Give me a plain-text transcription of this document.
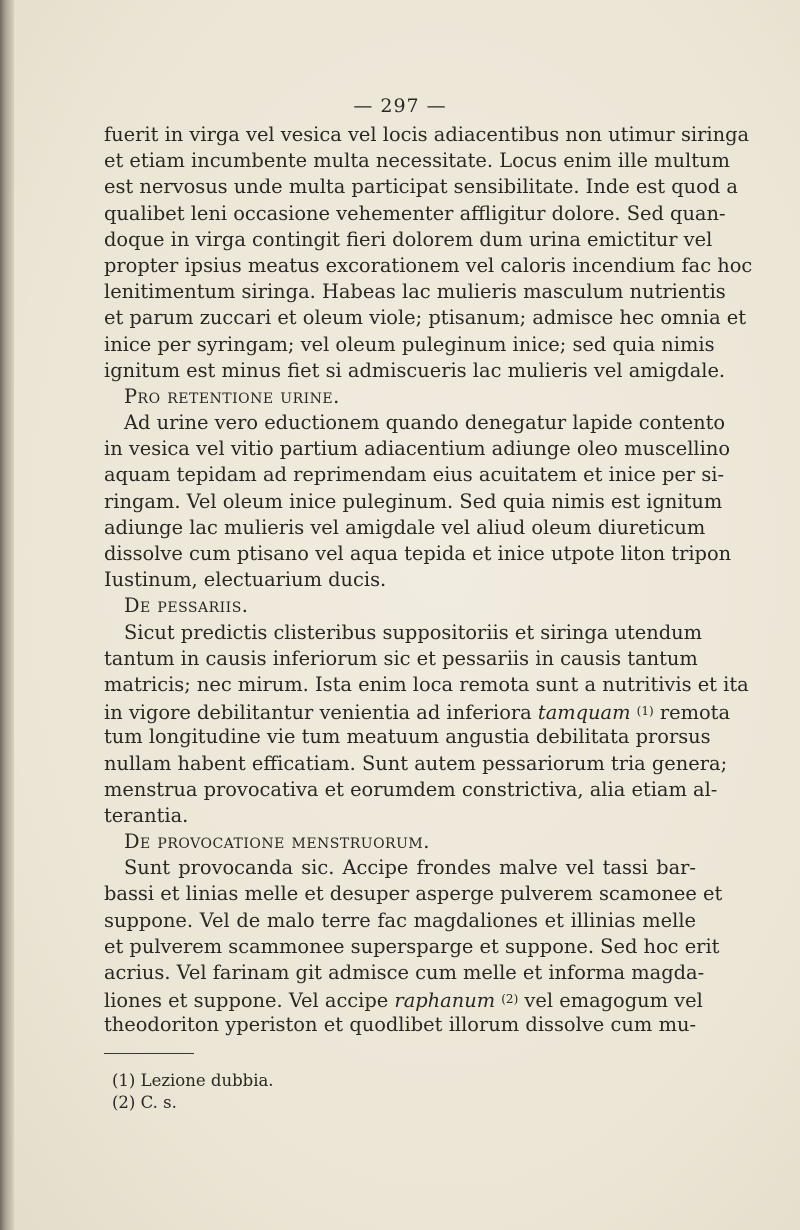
— 297 —
fuerit in virga vel vesica vel locis adiacentibus non utimur siringa
et etiam incumbente multa necessitate. Locus enim ille multum
est nervosus unde multa participat sensibilitate. Inde est quod a
qualibet leni occasione vehementer affligitur dolore. Sed quan-
doque in virga contingit fieri dolorem dum urina emictitur vel
propter ipsius meatus excorationem vel caloris incendium fac hoc
lenitimentum siringa. Habeas lac mulieris masculum nutrientis
et parum zuccari et oleum viole; ptisanum; admisce hec omnia et
inice per syringam; vel oleum puleginum inice; sed quia nimis
ignitum est minus fiet si admiscueris lac mulieris vel amigdale.
Pro retentione urine.
Ad urine vero eductionem quando denegatur lapide contento
in vesica vel vitio partium adiacentium adiunge oleo muscellino
aquam tepidam ad reprimendam eius acuitatem et inice per si-
ringam. Vel oleum inice puleginum. Sed quia nimis est ignitum
adiunge lac mulieris vel amigdale vel aliud oleum diureticum
dissolve cum ptisano vel aqua tepida et inice utpote liton tripon
Iustinum, electuarium ducis.
De pessariis.
Sicut predictis clisteribus suppositoriis et siringa utendum
tantum in causis inferiorum sic et pessariis in causis tantum
matricis; nec mirum. Ista enim loca remota sunt a nutritivis et ita
in vigore debilitantur venientia ad inferiora tamquam $^{(1)}$ remota
tum longitudine vie tum meatuum angustia debilitata prorsus
nullam habent efficatiam. Sunt autem pessariorum tria genera;
menstrua provocativa et eorumdem constrictiva, alia etiam al-
terantia.
De provocatione menstruorum.
Sunt provocanda sic. Accipe frondes malve vel tassi bar-
bassi et linias melle et desuper asperge pulverem scamonee et
suppone. Vel de malo terre fac magdaliones et illinias melle
et pulverem scammonee supersparge et suppone. Sed hoc erit
acrius. Vel farinam git admisce cum melle et informa magda-
liones et suppone. Vel accipe raphanum $^{(2)}$ vel emagogum vel
theodoriton yperiston et quodlibet illorum dissolve cum mu-
(1) Lezione dubbia.
(2) C. s.
